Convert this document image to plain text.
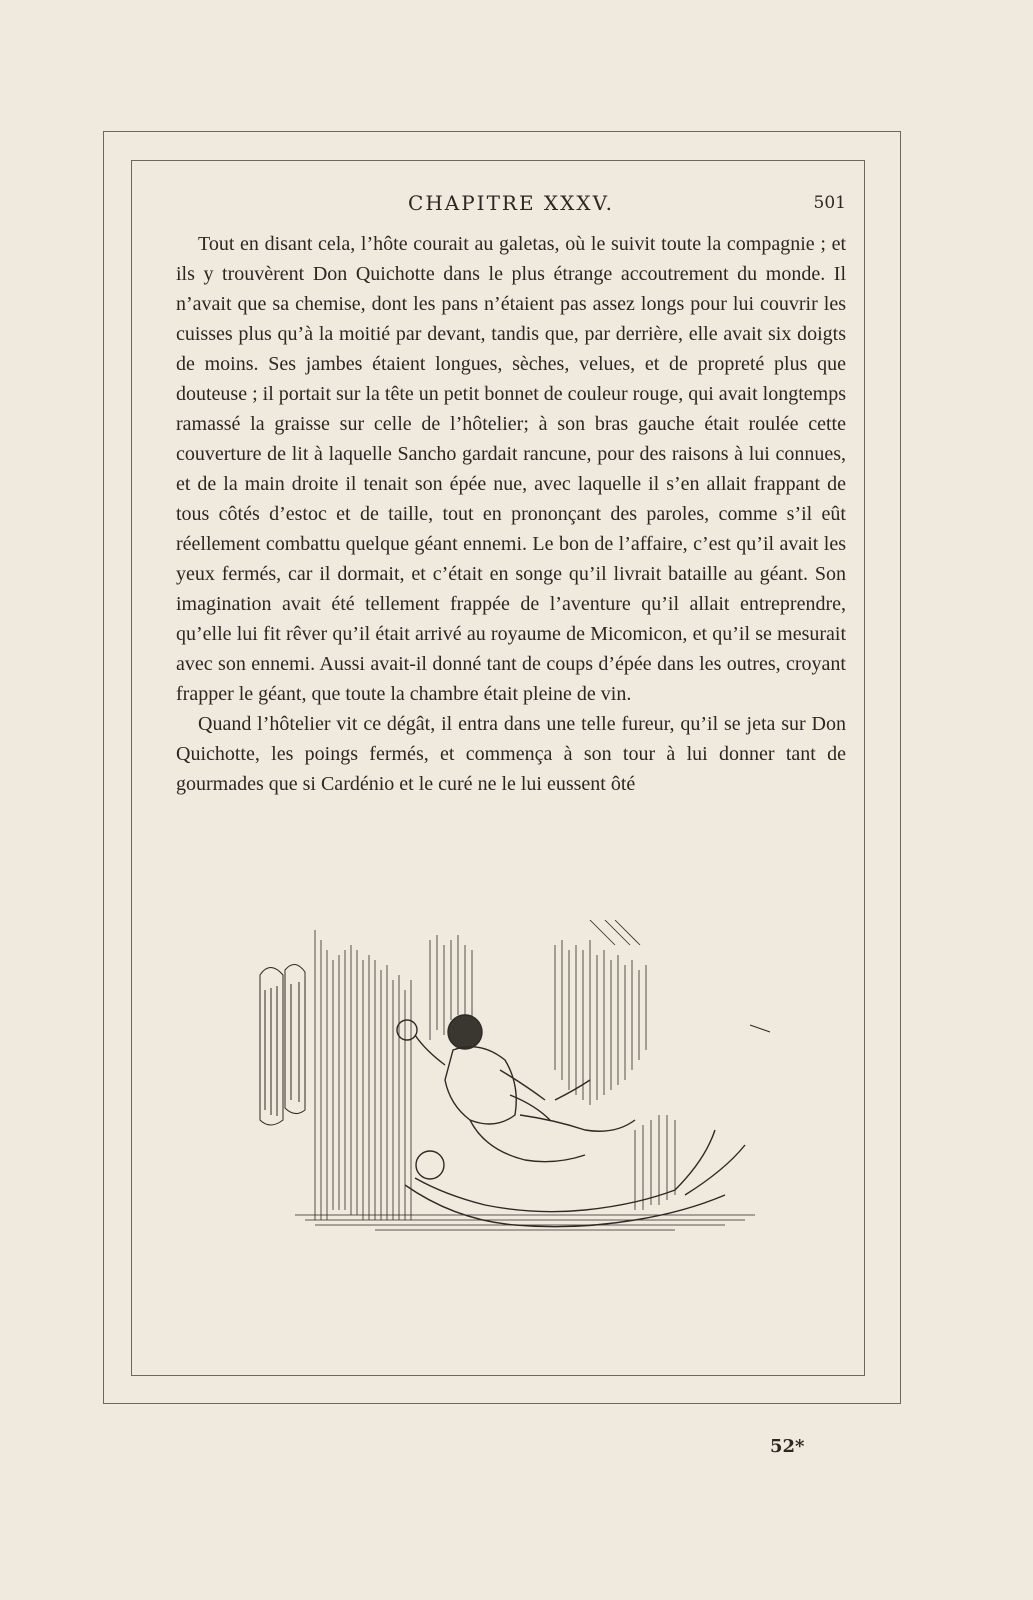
CHAPITRE XXXV.	501

Tout en disant cela, l’hôte courait au galetas, où le suivit toute la compagnie ; et ils y trouvèrent Don Quichotte dans le plus étrange accoutrement du monde. Il n’avait que sa chemise, dont les pans n’étaient pas assez longs pour lui couvrir les cuisses plus qu’à la moitié par devant, tandis que, par derrière, elle avait six doigts de moins. Ses jambes étaient longues, sèches, velues, et de propreté plus que douteuse ; il portait sur la tête un petit bonnet de couleur rouge, qui avait longtemps ramassé la graisse sur celle de l’hôtelier; à son bras gauche était roulée cette couverture de lit à laquelle Sancho gardait rancune, pour des raisons à lui connues, et de la main droite il tenait son épée nue, avec laquelle il s’en allait frappant de tous côtés d’estoc et de taille, tout en prononçant des paroles, comme s’il eût réellement combattu quelque géant ennemi. Le bon de l’affaire, c’est qu’il avait les yeux fermés, car il dormait, et c’était en songe qu’il livrait bataille au géant. Son imagination avait été tellement frappée de l’aventure qu’il allait entreprendre, qu’elle lui fit rêver qu’il était arrivé au royaume de Micomicon, et qu’il se mesurait avec son ennemi. Aussi avait-il donné tant de coups d’épée dans les outres, croyant frapper le géant, que toute la chambre était pleine de vin.

Quand l’hôtelier vit ce dégât, il entra dans une telle fureur, qu’il se jeta sur Don Quichotte, les poings fermés, et commença à son tour à lui donner tant de gourmades que si Cardénio et le curé ne le lui eussent ôté

52*
